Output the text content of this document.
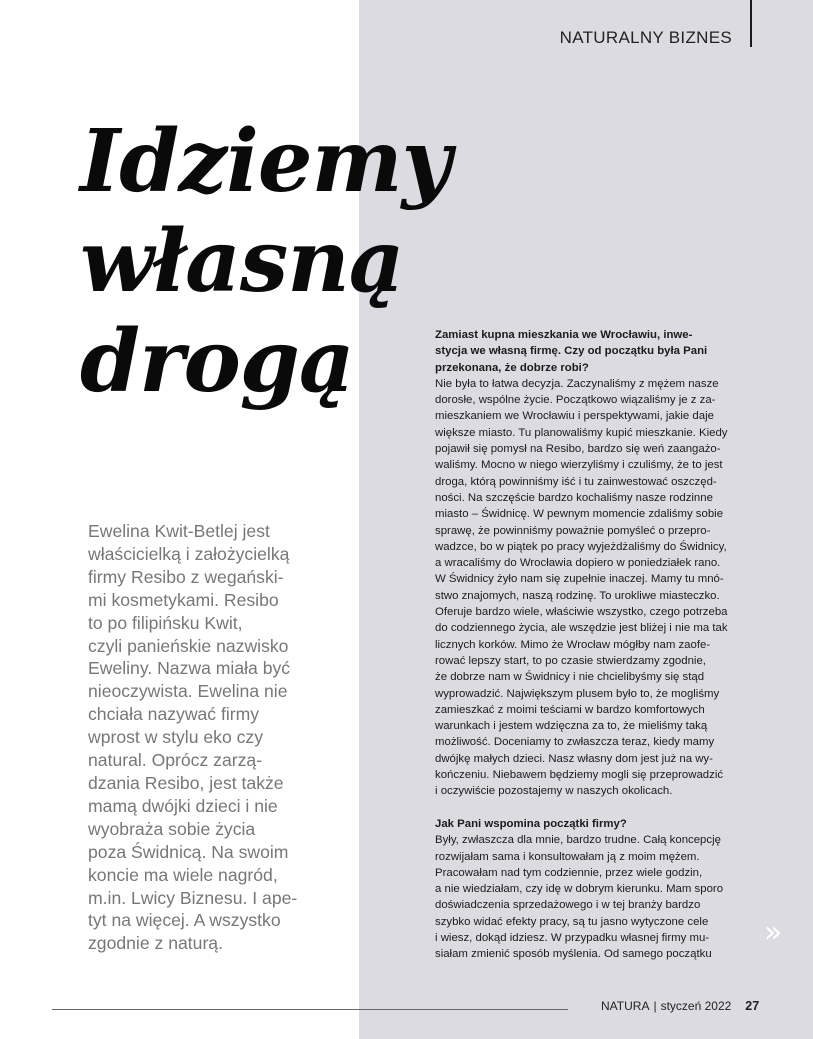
NATURALNY BIZNES
Idziemy
własną
drogą

Ewelina Kwit-Betlej jest
właścicielką i założycielką
firmy Resibo z wegański-
mi kosmetykami. Resibo
to po filipińsku Kwit,
czyli panieńskie nazwisko
Eweliny. Nazwa miała być
nieoczywista. Ewelina nie
chciała nazywać firmy
wprost w stylu eko czy
natural. Oprócz zarzą-
dzania Resibo, jest także
mamą dwójki dzieci i nie
wyobraża sobie życia
poza Świdnicą. Na swoim
koncie ma wiele nagród,
m.in. Lwicy Biznesu. I ape-
tyt na więcej. A wszystko
zgodnie z naturą.

Zamiast kupna mieszkania we Wrocławiu, inwe-
stycja we własną firmę. Czy od początku była Pani
przekonana, że dobrze robi?
Nie była to łatwa decyzja. Zaczynaliśmy z mężem nasze
dorosłe, wspólne życie. Początkowo wiązaliśmy je z za-
mieszkaniem we Wrocławiu i perspektywami, jakie daje
większe miasto. Tu planowaliśmy kupić mieszkanie. Kiedy
pojawił się pomysł na Resibo, bardzo się weń zaangażo-
waliśmy. Mocno w niego wierzyliśmy i czuliśmy, że to jest
droga, którą powinniśmy iść i tu zainwestować oszczęd-
ności. Na szczęście bardzo kochaliśmy nasze rodzinne
miasto – Świdnicę. W pewnym momencie zdaliśmy sobie
sprawę, że powinniśmy poważnie pomyśleć o przepro-
wadzce, bo w piątek po pracy wyjeżdżaliśmy do Świdnicy,
a wracaliśmy do Wrocławia dopiero w poniedziałek rano.
W Świdnicy żyło nam się zupełnie inaczej. Mamy tu mnó-
stwo znajomych, naszą rodzinę. To urokliwe miasteczko.
Oferuje bardzo wiele, właściwie wszystko, czego potrzeba
do codziennego życia, ale wszędzie jest bliżej i nie ma tak
licznych korków. Mimo że Wrocław mógłby nam zaofe-
rować lepszy start, to po czasie stwierdzamy zgodnie,
że dobrze nam w Świdnicy i nie chcielibyśmy się stąd
wyprowadzić. Największym plusem było to, że mogliśmy
zamieszkać z moimi teściami w bardzo komfortowych
warunkach i jestem wdzięczna za to, że mieliśmy taką
możliwość. Doceniamy to zwłaszcza teraz, kiedy mamy
dwójkę małych dzieci. Nasz własny dom jest już na wy-
kończeniu. Niebawem będziemy mogli się przeprowadzić
i oczywiście pozostajemy w naszych okolicach.
Jak Pani wspomina początki firmy?
Były, zwłaszcza dla mnie, bardzo trudne. Całą koncepcję
rozwijałam sama i konsultowałam ją z moim mężem.
Pracowałam nad tym codziennie, przez wiele godzin,
a nie wiedziałam, czy idę w dobrym kierunku. Mam sporo
doświadczenia sprzedażowego i w tej branży bardzo
szybko widać efekty pracy, są tu jasno wytyczone cele
i wiesz, dokąd idziesz. W przypadku własnej firmy mu-
siałam zmienić sposób myślenia. Od samego początku
»
NATURA | styczeń 2022 27
